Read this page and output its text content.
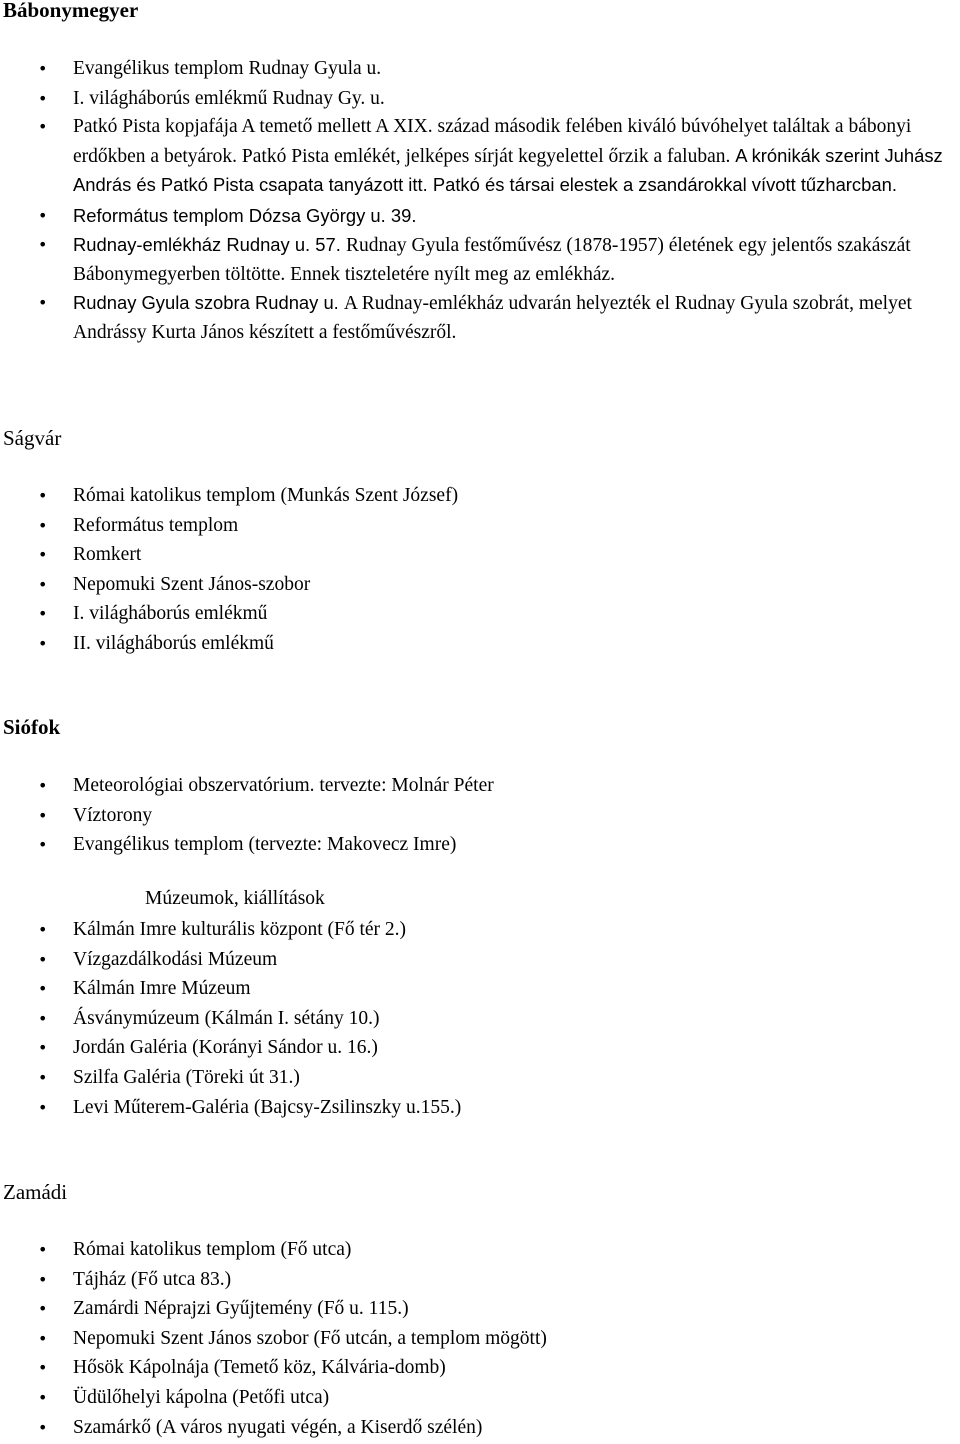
Bábonymegyer
• Evangélikus templom Rudnay Gyula u.
• I. világháborús emlékmű Rudnay Gy. u.
• Patkó Pista kopjafája A temető mellett A XIX. század második felében kiváló búvóhelyet találtak a bábonyi erdőkben a betyárok. Patkó Pista emlékét, jelképes sírját kegyelettel őrzik a faluban. A krónikák szerint Juhász András és Patkó Pista csapata tanyázott itt. Patkó és társai elestek a zsandárokkal vívott tűzharcban.
• Református templom Dózsa György u. 39.
• Rudnay-emlékház Rudnay u. 57. Rudnay Gyula festőművész (1878-1957) életének egy jelentős szakászát Bábonymegyerben töltötte. Ennek tiszteletére nyílt meg az emlékház.
• Rudnay Gyula szobra Rudnay u. A Rudnay-emlékház udvarán helyezték el Rudnay Gyula szobrát, melyet Andrássy Kurta János készített a festőművészről.
Ságvár
• Római katolikus templom (Munkás Szent József)
• Református templom
• Romkert
• Nepomuki Szent János-szobor
• I. világháborús emlékmű
• II. világháborús emlékmű
Siófok
• Meteorológiai obszervatórium. tervezte: Molnár Péter
• Víztorony
• Evangélikus templom (tervezte: Makovecz Imre)
Múzeumok, kiállítások
• Kálmán Imre kulturális központ (Fő tér 2.)
• Vízgazdálkodási Múzeum
• Kálmán Imre Múzeum
• Ásványmúzeum (Kálmán I. sétány 10.)
• Jordán Galéria (Korányi Sándor u. 16.)
• Szilfa Galéria (Töreki út 31.)
• Levi Műterem-Galéria (Bajcsy-Zsilinszky u.155.)
Zamádi
• Római katolikus templom (Fő utca)
• Tájház (Fő utca 83.)
• Zamárdi Néprajzi Gyűjtemény (Fő u. 115.)
• Nepomuki Szent János szobor (Fő utcán, a templom mögött)
• Hősök Kápolnája (Temető köz, Kálvária-domb)
• Üdülőhelyi kápolna (Petőfi utca)
• Szamárkő (A város nyugati végén, a Kiserdő szélén)
